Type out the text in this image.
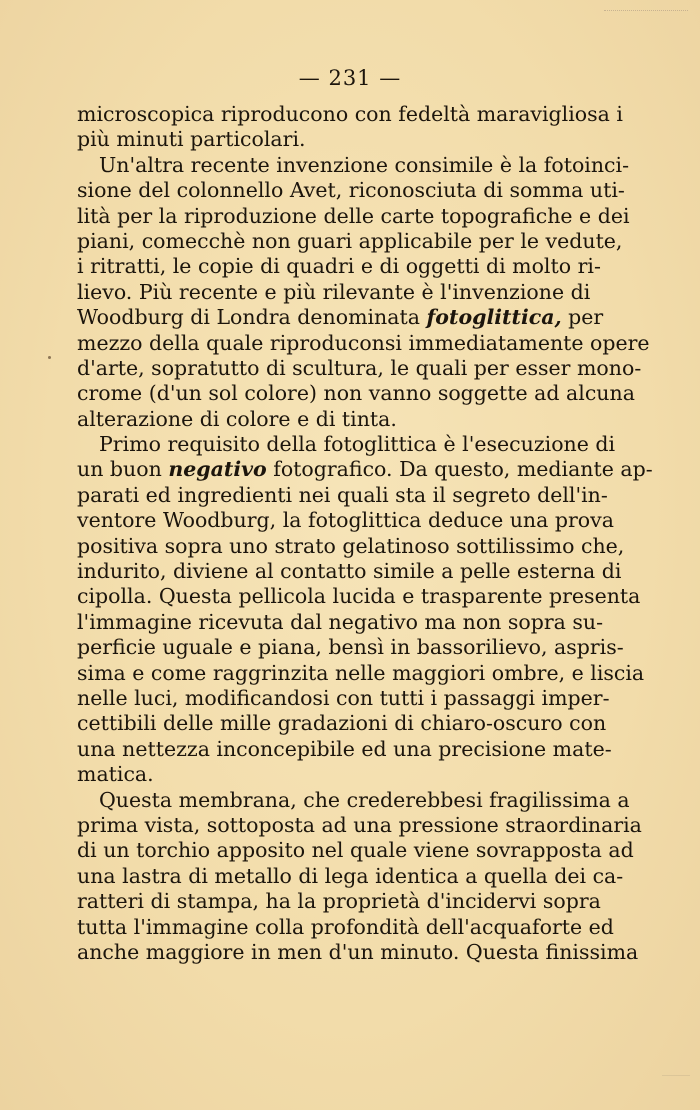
— 231 —
microscopica riproducono con fedeltà maravigliosa i
più minuti particolari.
Un'altra recente invenzione consimile è la fotoinci-
sione del colonnello Avet, riconosciuta di somma uti-
lità per la riproduzione delle carte topografiche e dei
piani, comecchè non guari applicabile per le vedute,
i ritratti, le copie di quadri e di oggetti di molto ri-
lievo. Più recente e più rilevante è l'invenzione di
Woodburg di Londra denominata fotoglittica, per
mezzo della quale riproduconsi immediatamente opere
d'arte, sopratutto di scultura, le quali per esser mono-
crome (d'un sol colore) non vanno soggette ad alcuna
alterazione di colore e di tinta.
Primo requisito della fotoglittica è l'esecuzione di
un buon negativo fotografico. Da questo, mediante ap-
parati ed ingredienti nei quali sta il segreto dell'in-
ventore Woodburg, la fotoglittica deduce una prova
positiva sopra uno strato gelatinoso sottilissimo che,
indurito, diviene al contatto simile a pelle esterna di
cipolla. Questa pellicola lucida e trasparente presenta
l'immagine ricevuta dal negativo ma non sopra su-
perficie uguale e piana, bensì in bassorilievo, aspris-
sima e come raggrinzita nelle maggiori ombre, e liscia
nelle luci, modificandosi con tutti i passaggi imper-
cettibili delle mille gradazioni di chiaro-oscuro con
una nettezza inconcepibile ed una precisione mate-
matica.
Questa membrana, che crederebbesi fragilissima a
prima vista, sottoposta ad una pressione straordinaria
di un torchio apposito nel quale viene sovrapposta ad
una lastra di metallo di lega identica a quella dei ca-
ratteri di stampa, ha la proprietà d'incidervi sopra
tutta l'immagine colla profondità dell'acquaforte ed
anche maggiore in men d'un minuto. Questa finissima
